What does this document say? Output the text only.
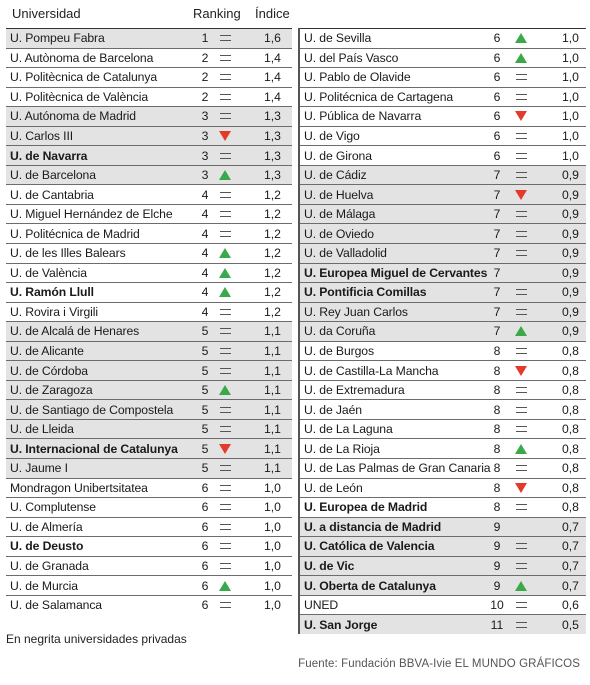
Universidad	Ranking Índice
U. Pompeu Fabra	1	1,6
U. Autònoma de Barcelona	2	1,4
U. Politècnica de Catalunya	2	1,4
U. Politècnica de València	2	1,4
U. Autónoma de Madrid	3	1,3
U. Carlos III	3	1,3
U. de Navarra	3	1,3
U. de Barcelona	3	1,3
U. de Cantabria	4	1,2
U. Miguel Hernández de Elche	4	1,2
U. Politécnica de Madrid	4	1,2
U. de les Illes Balears	4	1,2
U. de València	4	1,2
U. Ramón Llull	4	1,2
U. Rovira i Virgili	4	1,2
U. de Alcalá de Henares	5	1,1
U. de Alicante	5	1,1
U. de Córdoba	5	1,1
U. de Zaragoza	5	1,1
U. de Santiago de Compostela	5	1,1
U. de Lleida	5	1,1
U. Internacional de Catalunya	5	1,1
U. Jaume I	5	1,1
Mondragon Unibertsitatea	6	1,0
U. Complutense	6	1,0
U. de Almería	6	1,0
U. de Deusto	6	1,0
U. de Granada	6	1,0
U. de Murcia	6	1,0
U. de Salamanca	6	1,0
U. de Sevilla	6	1,0
U. del País Vasco	6	1,0
U. Pablo de Olavide	6	1,0
U. Politécnica de Cartagena	6	1,0
U. Pública de Navarra	6	1,0
U. de Vigo	6	1,0
U. de Girona	6	1,0
U. de Cádiz	7	0,9
U. de Huelva	7	0,9
U. de Málaga	7	0,9
U. de Oviedo	7	0,9
U. de Valladolid	7	0,9
U. Europea Miguel de Cervantes 7	0,9
U. Pontificia Comillas	7	0,9
U. Rey Juan Carlos	7	0,9
U. da Coruña	7	0,9
U. de Burgos	8	0,8
U. de Castilla-La Mancha	8	0,8
U. de Extremadura	8	0,8
U. de Jaén	8	0,8
U. de La Laguna	8	0,8
U. de La Rioja	8	0,8
U. de Las Palmas de Gran Canaria 8	0,8
U. de León	8	0,8
U. Europea de Madrid	8	0,8
U. a distancia de Madrid	9	0,7
U. Católica de Valencia	9	0,7
U. de Vic	9	0,7
U. Oberta de Catalunya	9	0,7
UNED	10	0,6
U. San Jorge	11	0,5
En negrita universidades privadas
Fuente: Fundación BBVA-Ivie EL MUNDO GRÁFICOS
